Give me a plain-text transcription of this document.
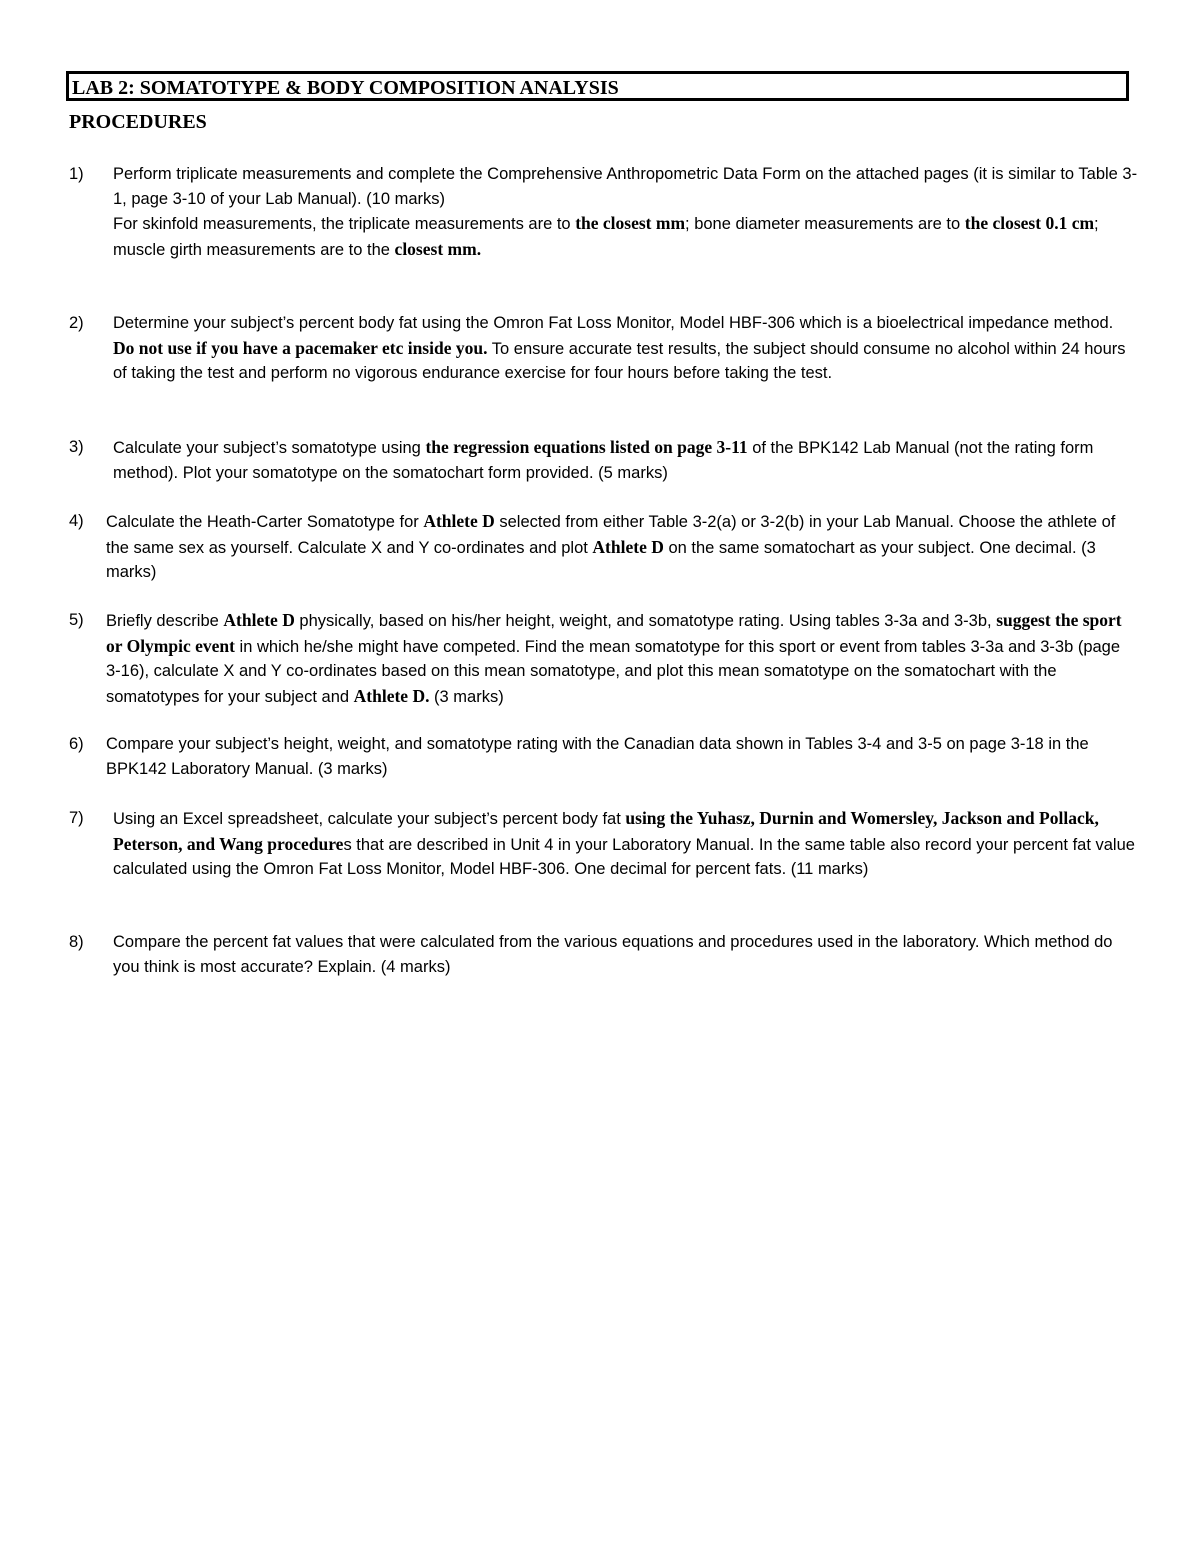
LAB 2: SOMATOTYPE & BODY COMPOSITION ANALYSIS
PROCEDURES
1) Perform triplicate measurements and complete the Comprehensive Anthropometric Data Form on the attached pages (it is similar to Table 3-1, page 3-10 of your Lab Manual). (10 marks)
For skinfold measurements, the triplicate measurements are to the closest mm; bone diameter measurements are to the closest 0.1 cm; muscle girth measurements are to the closest mm.
2) Determine your subject’s percent body fat using the Omron Fat Loss Monitor, Model HBF-306 which is a bioelectrical impedance method. Do not use if you have a pacemaker etc inside you. To ensure accurate test results, the subject should consume no alcohol within 24 hours of taking the test and perform no vigorous endurance exercise for four hours before taking the test.
3) Calculate your subject’s somatotype using the regression equations listed on page 3-11 of the BPK142 Lab Manual (not the rating form method). Plot your somatotype on the somatochart form provided. (5 marks)
4) Calculate the Heath-Carter Somatotype for Athlete D selected from either Table 3-2(a) or 3-2(b) in your Lab Manual. Choose the athlete of the same sex as yourself. Calculate X and Y co-ordinates and plot Athlete D on the same somatochart as your subject. One decimal. (3 marks)
5) Briefly describe Athlete D physically, based on his/her height, weight, and somatotype rating. Using tables 3-3a and 3-3b, suggest the sport or Olympic event in which he/she might have competed. Find the mean somatotype for this sport or event from tables 3-3a and 3-3b (page 3-16), calculate X and Y co-ordinates based on this mean somatotype, and plot this mean somatotype on the somatochart with the somatotypes for your subject and Athlete D. (3 marks)
6) Compare your subject’s height, weight, and somatotype rating with the Canadian data shown in Tables 3-4 and 3-5 on page 3-18 in the BPK142 Laboratory Manual. (3 marks)
7) Using an Excel spreadsheet, calculate your subject’s percent body fat using the Yuhasz, Durnin and Womersley, Jackson and Pollack, Peterson, and Wang procedures that are described in Unit 4 in your Laboratory Manual. In the same table also record your percent fat value calculated using the Omron Fat Loss Monitor, Model HBF-306. One decimal for percent fats. (11 marks)
8) Compare the percent fat values that were calculated from the various equations and procedures used in the laboratory. Which method do you think is most accurate? Explain. (4 marks)
